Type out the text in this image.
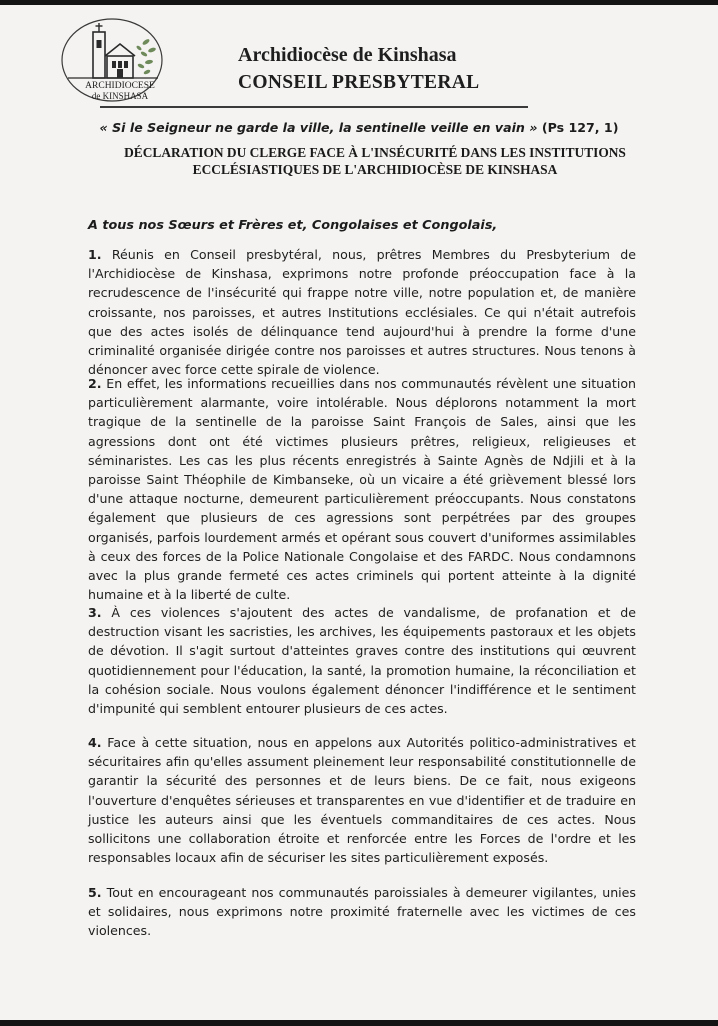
ARCHIDIOCESE
de KINSHASA
Archidiocèse de Kinshasa
CONSEIL PRESBYTERAL
« Si le Seigneur ne garde la ville, la sentinelle veille en vain » (Ps 127, 1)
DÉCLARATION DU CLERGE FACE À L'INSÉCURITÉ DANS LES INSTITUTIONS
ECCLÉSIASTIQUES DE L'ARCHIDIOCÈSE DE KINSHASA
A tous nos Sœurs et Frères et, Congolaises et Congolais,

1. Réunis en Conseil presbytéral, nous, prêtres Membres du Presbyterium de l'Archidiocèse de Kinshasa, exprimons notre profonde préoccupation face à la recrudescence de l'insécurité qui frappe notre ville, notre population et, de manière croissante, nos paroisses, et autres Institutions ecclésiales. Ce qui n'était autrefois que des actes isolés de délinquance tend aujourd'hui à prendre la forme d'une criminalité organisée dirigée contre nos paroisses et autres structures. Nous tenons à dénoncer avec force cette spirale de violence.

2. En effet, les informations recueillies dans nos communautés révèlent une situation particulièrement alarmante, voire intolérable. Nous déplorons notamment la mort tragique de la sentinelle de la paroisse Saint François de Sales, ainsi que les agressions dont ont été victimes plusieurs prêtres, religieux, religieuses et séminaristes. Les cas les plus récents enregistrés à Sainte Agnès de Ndjili et à la paroisse Saint Théophile de Kimbanseke, où un vicaire a été grièvement blessé lors d'une attaque nocturne, demeurent particulièrement préoccupants. Nous constatons également que plusieurs de ces agressions sont perpétrées par des groupes organisés, parfois lourdement armés et opérant sous couvert d'uniformes assimilables à ceux des forces de la Police Nationale Congolaise et des FARDC. Nous condamnons avec la plus grande fermeté ces actes criminels qui portent atteinte à la dignité humaine et à la liberté de culte.

3. À ces violences s'ajoutent des actes de vandalisme, de profanation et de destruction visant les sacristies, les archives, les équipements pastoraux et les objets de dévotion. Il s'agit surtout d'atteintes graves contre des institutions qui œuvrent quotidiennement pour l'éducation, la santé, la promotion humaine, la réconciliation et la cohésion sociale. Nous voulons également dénoncer l'indifférence et le sentiment d'impunité qui semblent entourer plusieurs de ces actes.

4. Face à cette situation, nous en appelons aux Autorités politico-administratives et sécuritaires afin qu'elles assument pleinement leur responsabilité constitutionnelle de garantir la sécurité des personnes et de leurs biens. De ce fait, nous exigeons l'ouverture d'enquêtes sérieuses et transparentes en vue d'identifier et de traduire en justice les auteurs ainsi que les éventuels commanditaires de ces actes. Nous sollicitons une collaboration étroite et renforcée entre les Forces de l'ordre et les responsables locaux afin de sécuriser les sites particulièrement exposés.

5. Tout en encourageant nos communautés paroissiales à demeurer vigilantes, unies et solidaires, nous exprimons notre proximité fraternelle avec les victimes de ces violences.
